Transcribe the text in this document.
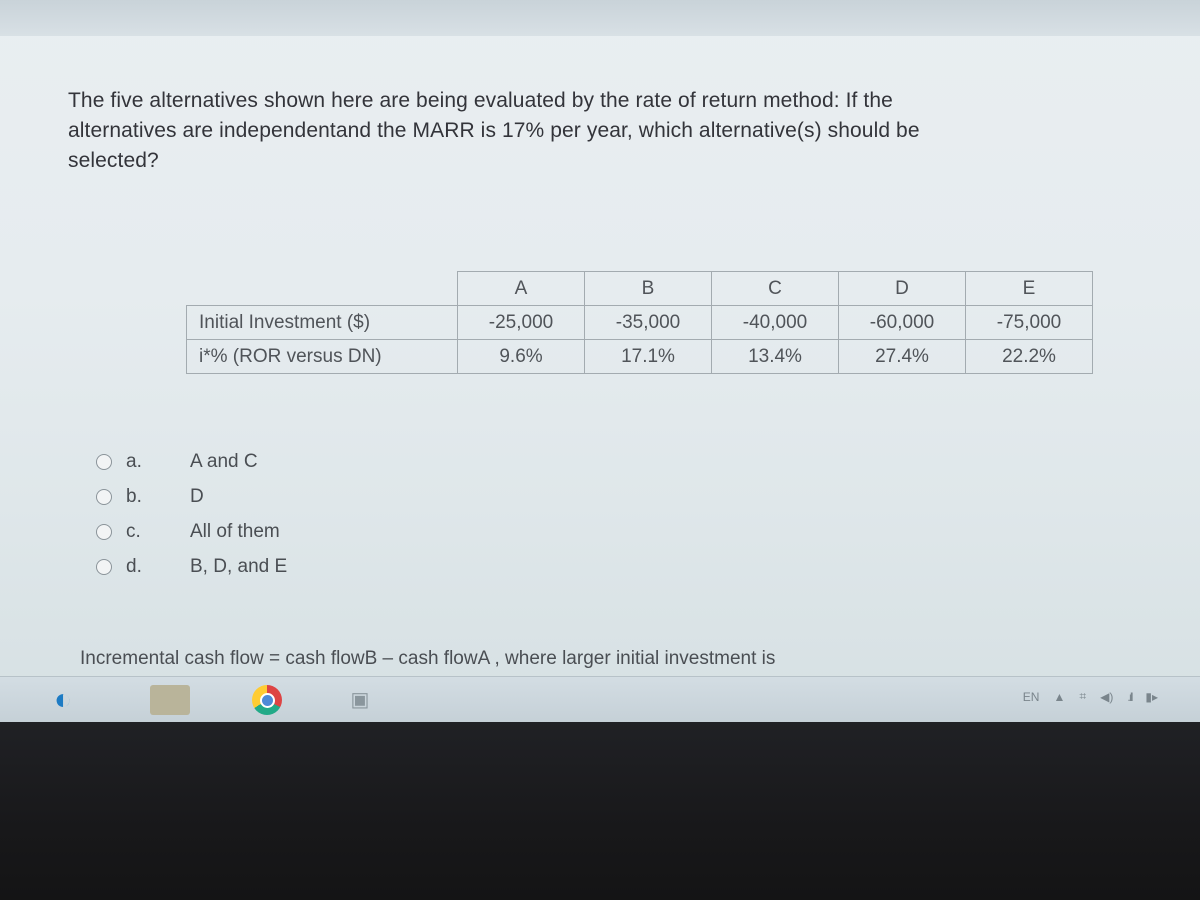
The five alternatives shown here are being evaluated by the rate of return method: If the
alternatives are independentand the MARR is 17% per year, which alternative(s) should be
selected?
	A	B	C	D	E
Initial Investment ($)	-25,000	-35,000	-40,000	-60,000	-75,000
i*% (ROR versus DN)	9.6%	17.1%	13.4%	27.4%	22.2%
a.	A and C
b.	D
c.	All of them
d.	B, D, and E
Incremental cash flow = cash flowB – cash flowA , where larger initial investment is
◐	▣	EN ▲ ⌗ ◀) .ıll ▮▸
